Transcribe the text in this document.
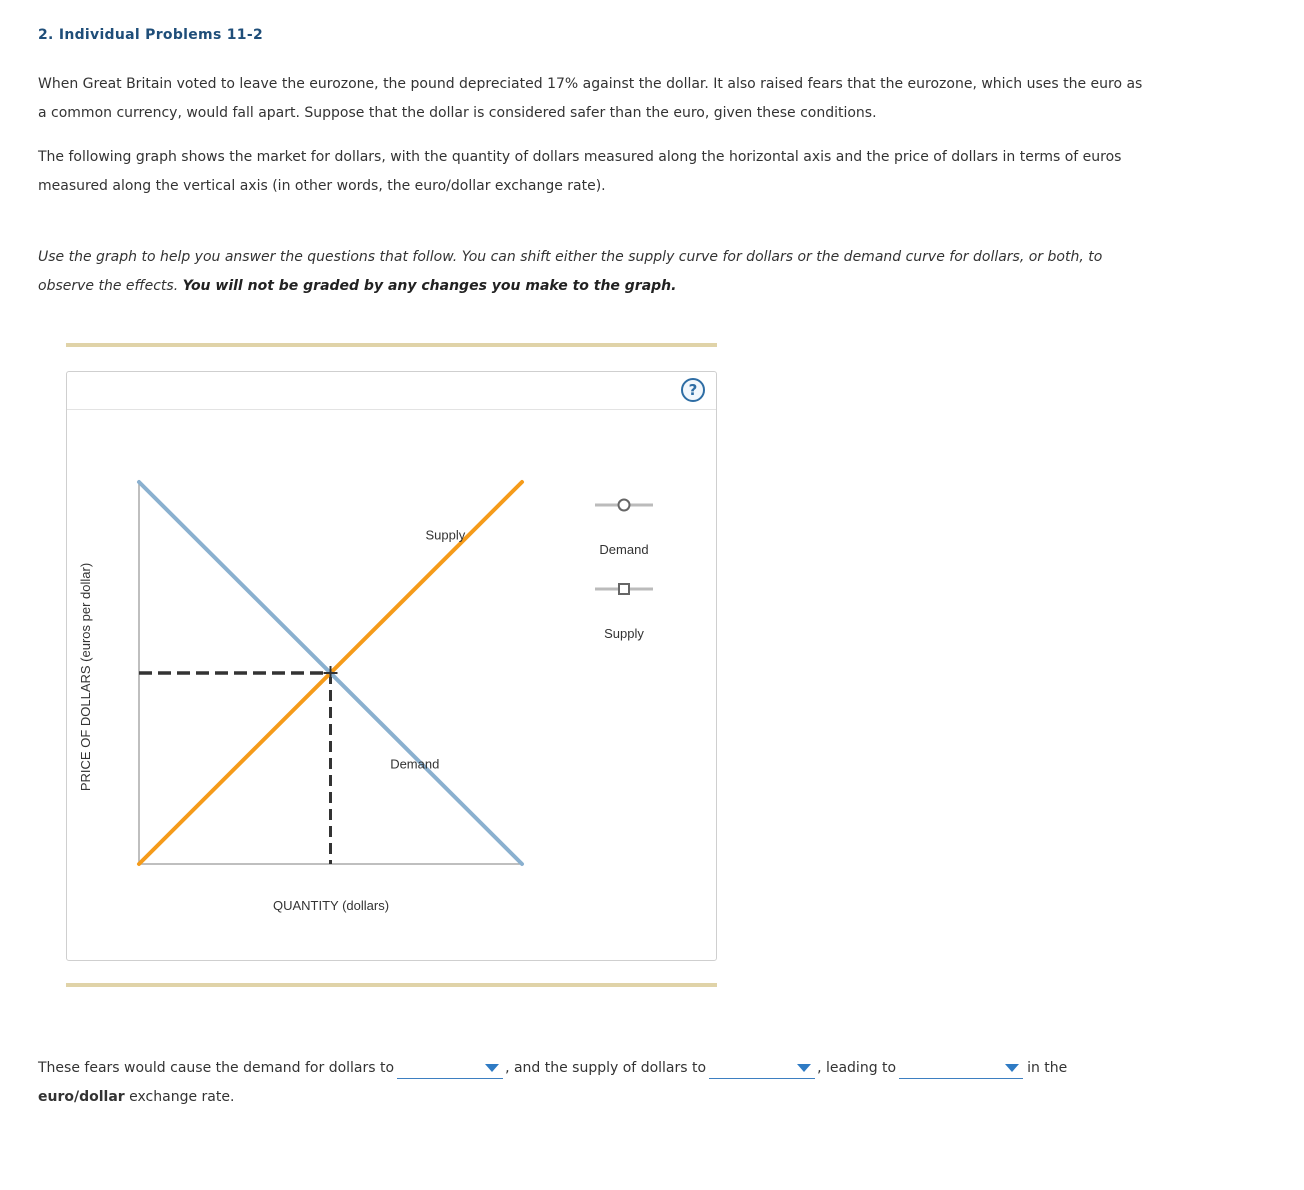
2. Individual Problems 11-2

When Great Britain voted to leave the eurozone, the pound depreciated 17% against the dollar. It also raised fears that the eurozone, which uses the euro as a common currency, would fall apart. Suppose that the dollar is considered safer than the euro, given these conditions.

The following graph shows the market for dollars, with the quantity of dollars measured along the horizontal axis and the price of dollars in terms of euros measured along the vertical axis (in other words, the euro/dollar exchange rate).

Use the graph to help you answer the questions that follow. You can shift either the supply curve for dollars or the demand curve for dollars, or both, to observe the effects. You will not be graded by any changes you make to the graph.

?
PRICE OF DOLLARS (euros per dollar)
QUANTITY (dollars)
Supply
Demand
Demand
Supply

These fears would cause the demand for dollars to	, and the supply of dollars to	, leading to	in the
euro/dollar exchange rate.
